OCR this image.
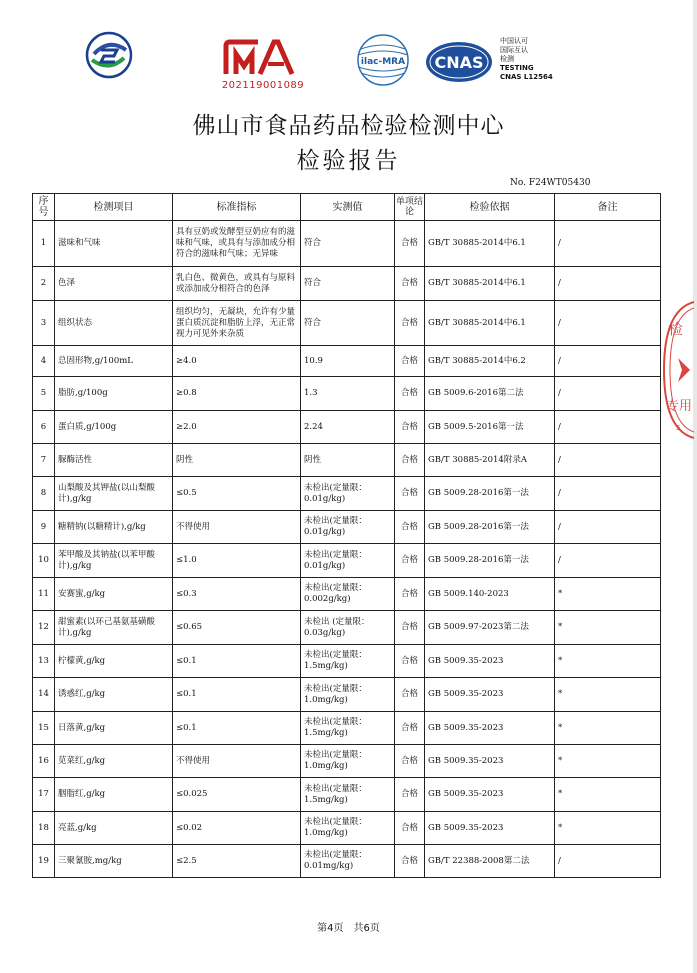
2021190010​89
ilac-MRA CNAS
中国认可
国际互认
检测
TESTING
CNAS L12564
佛山市食品药品检验检测中心
检验报告
No. F24WT05430
检
专用
5
序号	检测项目	标准指标	实测值	单项结论	检验依据	备注
1	滋味和气味	具有豆奶或发酵型豆奶应有的滋味和气味，或具有与添加成分相符合的滋味和气味；无异味	符合	合格	GB/T 30885-2014中6.1	/
2	色泽	乳白色、微黄色，或具有与原料或添加成分相符合的色泽	符合	合格	GB/T 30885-2014中6.1	/
3	组织状态	组织均匀，无凝块，允许有少量蛋白质沉淀和脂肪上浮，无正常视力可见外来杂质	符合	合格	GB/T 30885-2014中6.1	/
4	总固形物,g/100mL	≥4.0	10.9	合格	GB/T 30885-2014中6.2	/
5	脂肪,g/100g	≥0.8	1.3	合格	GB 5009.6-2016第二法	/
6	蛋白质,g/100g	≥2.0	2.24	合格	GB 5009.5-2016第一法	/
7	脲酶活性	阴性	阴性	合格	GB/T 30885-2014附录A	/
8	山梨酸及其钾盐(以山梨酸计),g/kg	≤0.5	未检出(定量限：0.01g/kg)	合格	GB 5009.28-2016第一法	/
9	糖精钠(以糖精计),g/kg	不得使用	未检出(定量限：0.01g/kg)	合格	GB 5009.28-2016第一法	/
10	苯甲酸及其钠盐(以苯甲酸计),g/kg	≤1.0	未检出(定量限：0.01g/kg)	合格	GB 5009.28-2016第一法	/
11	安赛蜜,g/kg	≤0.3	未检出(定量限：0.002g/kg)	合格	GB 5009.140-2023	*
12	甜蜜素(以环己基氨基磺酸计),g/kg	≤0.65	未检出 (定量限：0.03g/kg)	合格	GB 5009.97-2023第二法	*
13	柠檬黄,g/kg	≤0.1	未检出(定量限：1.5mg/kg)	合格	GB 5009.35-2023	*
14	诱惑红,g/kg	≤0.1	未检出(定量限：1.0mg/kg)	合格	GB 5009.35-2023	*
15	日落黄,g/kg	≤0.1	未检出(定量限：1.5mg/kg)	合格	GB 5009.35-2023	*
16	苋菜红,g/kg	不得使用	未检出(定量限：1.0mg/kg)	合格	GB 5009.35-2023	*
17	胭脂红,g/kg	≤0.025	未检出(定量限：1.5mg/kg)	合格	GB 5009.35-2023	*
18	亮蓝,g/kg	≤0.02	未检出(定量限：1.0mg/kg)	合格	GB 5009.35-2023	*
19	三聚氰胺,mg/kg	≤2.5	未检出(定量限：0.01mg/kg)	合格	GB/T 22388-2008第二法	/
第4页　共6页
